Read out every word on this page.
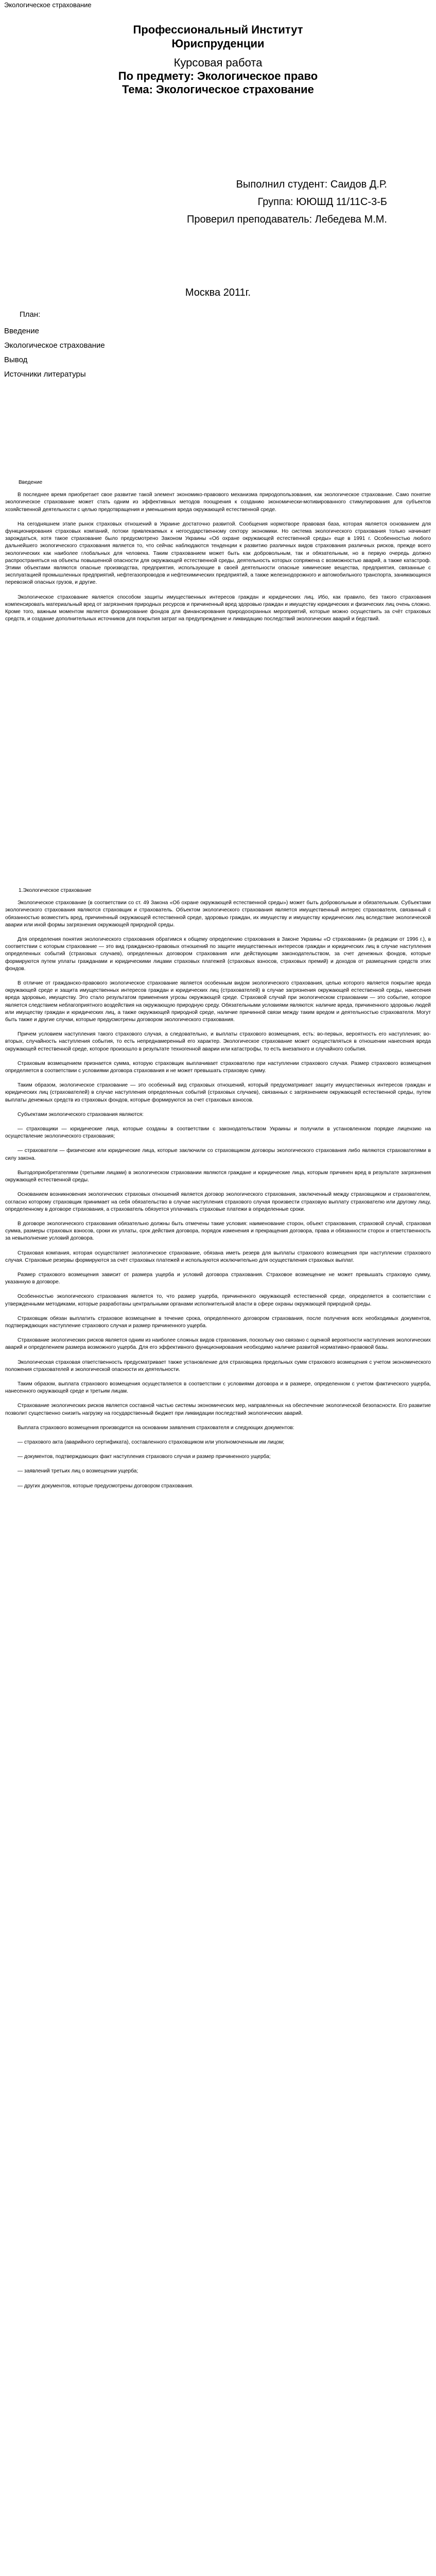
Экологическое страхование
Профессиональный Институт
Юриспруденции
Курсовая работа
По предмету: Экологическое право
Тема: Экологическое страхование
Выполнил студент: Саидов Д.Р.
Группа: ЮЮШД 11/11С-3-Б
Проверил преподаватель: Лебедева М.М.
Москва 2011г.
План:
Введение
Экологическое страхование
Вывод
Источники литературы
Введение

В последнее время приобретает свое развитие такой элемент экономико-правового механизма природопользования, как экологическое страхование. Само понятие экологическое страхование может стать одним из эффективных методов поощрения к созданию экономически-мотивированного стимулирования для субъектов хозяйственной деятельности с целью предотвращения и уменьшения вреда окружающей естественной среде.

На сегодняшнем этапе рынок страховых отношений в Украине достаточно развитой. Сообщения нормотворе правовая база, которая является основанием для функционирования страховых компаний, потоки привлекаемых к негосударственному сектору экономики. Но система экологического страхования только начинает зарождаться, хотя такое страхование было предусмотрено Законом Украины «Об охране окружающей естественной среды» еще в 1991 г. Особенностью любого дальнейшего экологического страхования является то, что сейчас наблюдаются тенденции к развитию различных видов страхования различных рисков, прежде всего экологических как наиболее глобальных для человека. Таким страхованием может быть как добровольным, так и обязательным, но в первую очередь должно распространяться на объекты повышенной опасности для окружающей естественной среды, деятельность которых сопряжена с возможностью аварий, а также катастроф. Этими объектами являются опасные производства, предприятия, использующие в своей деятельности опасные химические вещества, предприятия, связанные с эксплуатацией промышленных предприятий, нефтегазопроводов и нефтехимических предприятий, а также железнодорожного и автомобильного транспорта, занимающихся перевозкой опасных грузов, и другие.

Экологическое страхование является способом защиты имущественных интересов граждан и юридических лиц. Ибо, как правило, без такого страхования компенсировать материальный вред от загрязнения природных ресурсов и причиненный вред здоровью граждан и имуществу юридических и физических лиц очень сложно. Кроме того, важным моментом является формирование фондов для финансирования природоохранных мероприятий, которые можно осуществить за счёт страховых средств, и создание дополнительных источников для покрытия затрат на предупреждение и ликвидацию последствий экологических аварий и бедствий.

1.Экологическое страхование

Экологическое страхование (в соответствии со ст. 49 Закона «Об охране окружающей естественной среды») может быть добровольным и обязательным. Субъектами экологического страхования являются страховщик и страхователь. Объектом экологического страхования является имущественный интерес страхователя, связанный с обязанностью возместить вред, причиненный окружающей естественной среде, здоровью граждан, их имуществу и имуществу юридических лиц вследствие экологической аварии или иной формы загрязнения окружающей природной среды.

Для определения понятия экологического страхования обратимся к общему определению страхования в Законе Украины «О страховании» (в редакции от 1996 г.), в соответствии с которым страхование — это вид гражданско-правовых отношений по защите имущественных интересов граждан и юридических лиц в случае наступления определенных событий (страховых случаев), определенных договором страхования или действующим законодательством, за счет денежных фондов, которые формируются путем уплаты гражданами и юридическими лицами страховых платежей (страховых взносов, страховых премий) и доходов от размещения средств этих фондов.

В отличие от гражданско-правового экологическое страхование является особенным видом экологического страхования, целью которого является покрытие вреда окружающей среде и защита имущественных интересов граждан и юридических лиц (страхователей) в случае загрязнения окружающей естественной среды, нанесения вреда здоровью, имуществу. Это стало результатом применения угрозы окружающей среде. Страховой случай при экологическом страховании — это событие, которое является следствием неблагоприятного воздействия на окружающую природную среду. Обязательными условиями являются: наличие вреда, причиненного здоровью людей или имуществу граждан и юридических лиц, а также окружающей природной среде, наличие причинной связи между таким вредом и деятельностью страхователя. Могут быть также и другие случаи, которые предусмотрены договором экологического страхования.

Причем условием наступления такого страхового случая, а следовательно, и выплаты страхового возмещения, есть: во-первых, вероятность его наступления; во-вторых, случайность наступления события, то есть непреднамеренный его характер. Экологическое страхование может осуществляться в отношении нанесения вреда окружающей естественной среде, которое произошло в результате техногенной аварии или катастрофы, то есть внезапного и случайного события.

Страховым возмещением признается сумма, которую страховщик выплачивает страхователю при наступлении страхового случая. Размер страхового возмещения определяется в соответствии с условиями договора страхования и не может превышать страховую сумму.

Таким образом, экологическое страхование — это особенный вид страховых отношений, который предусматривает защиту имущественных интересов граждан и юридических лиц (страхователей) в случае наступления определенных событий (страховых случаев), связанных с загрязнением окружающей естественной среды, путем выплаты денежных средств из страховых фондов, которые формируются за счет страховых взносов.

Субъектами экологического страхования являются:

— страховщики — юридические лица, которые созданы в соответствии с законодательством Украины и получили в установленном порядке лицензию на осуществление экологического страхования;

— страхователи — физические или юридические лица, которые заключили со страховщиком договоры экологического страхования либо являются страхователями в силу закона.

Выгодоприобретателями (третьими лицами) в экологическом страховании являются граждане и юридические лица, которым причинен вред в результате загрязнения окружающей естественной среды.

Основанием возникновения экологических страховых отношений является договор экологического страхования, заключенный между страховщиком и страхователем, согласно которому страховщик принимает на себя обязательство в случае наступления страхового случая произвести страховую выплату страхователю или другому лицу, определенному в договоре страхования, а страхователь обязуется уплачивать страховые платежи в определенные сроки.

В договоре экологического страхования обязательно должны быть отмечены такие условия: наименование сторон, объект страхования, страховой случай, страховая сумма, размеры страховых взносов, сроки их уплаты, срок действия договора, порядок изменения и прекращения договора, права и обязанности сторон и ответственность за невыполнение условий договора.

Страховая компания, которая осуществляет экологическое страхование, обязана иметь резерв для выплаты страхового возмещения при наступлении страхового случая. Страховые резервы формируются за счёт страховых платежей и используются исключительно для осуществления страховых выплат.

Размер страхового возмещения зависит от размера ущерба и условий договора страхования. Страховое возмещение не может превышать страховую сумму, указанную в договоре.

Особенностью экологического страхования является то, что размер ущерба, причиненного окружающей естественной среде, определяется в соответствии с утвержденными методиками, которые разработаны центральными органами исполнительной власти в сфере охраны окружающей природной среды.

Страховщик обязан выплатить страховое возмещение в течение срока, определенного договором страхования, после получения всех необходимых документов, подтверждающих наступление страхового случая и размер причиненного ущерба.

Страхование экологических рисков является одним из наиболее сложных видов страхования, поскольку оно связано с оценкой вероятности наступления экологических аварий и определением размера возможного ущерба. Для его эффективного функционирования необходимо наличие развитой нормативно-правовой базы.

Экологическая страховая ответственность предусматривает также установление для страховщика предельных сумм страхового возмещения с учетом экономического положения страхователей и экологической опасности их деятельности.

Таким образом, выплата страхового возмещения осуществляется в соответствии с условиями договора и в размере, определенном с учетом фактического ущерба, нанесенного окружающей среде и третьим лицам.

Страхование экологических рисков является составной частью системы экономических мер, направленных на обеспечение экологической безопасности. Его развитие позволит существенно снизить нагрузку на государственный бюджет при ликвидации последствий экологических аварий.

Выплата страхового возмещения производится на основании заявления страхователя и следующих документов:

— страхового акта (аварийного сертификата), составленного страховщиком или уполномоченным им лицом;

— документов, подтверждающих факт наступления страхового случая и размер причиненного ущерба;

— заявлений третьих лиц о возмещении ущерба;

— других документов, которые предусмотрены договором страхования.
